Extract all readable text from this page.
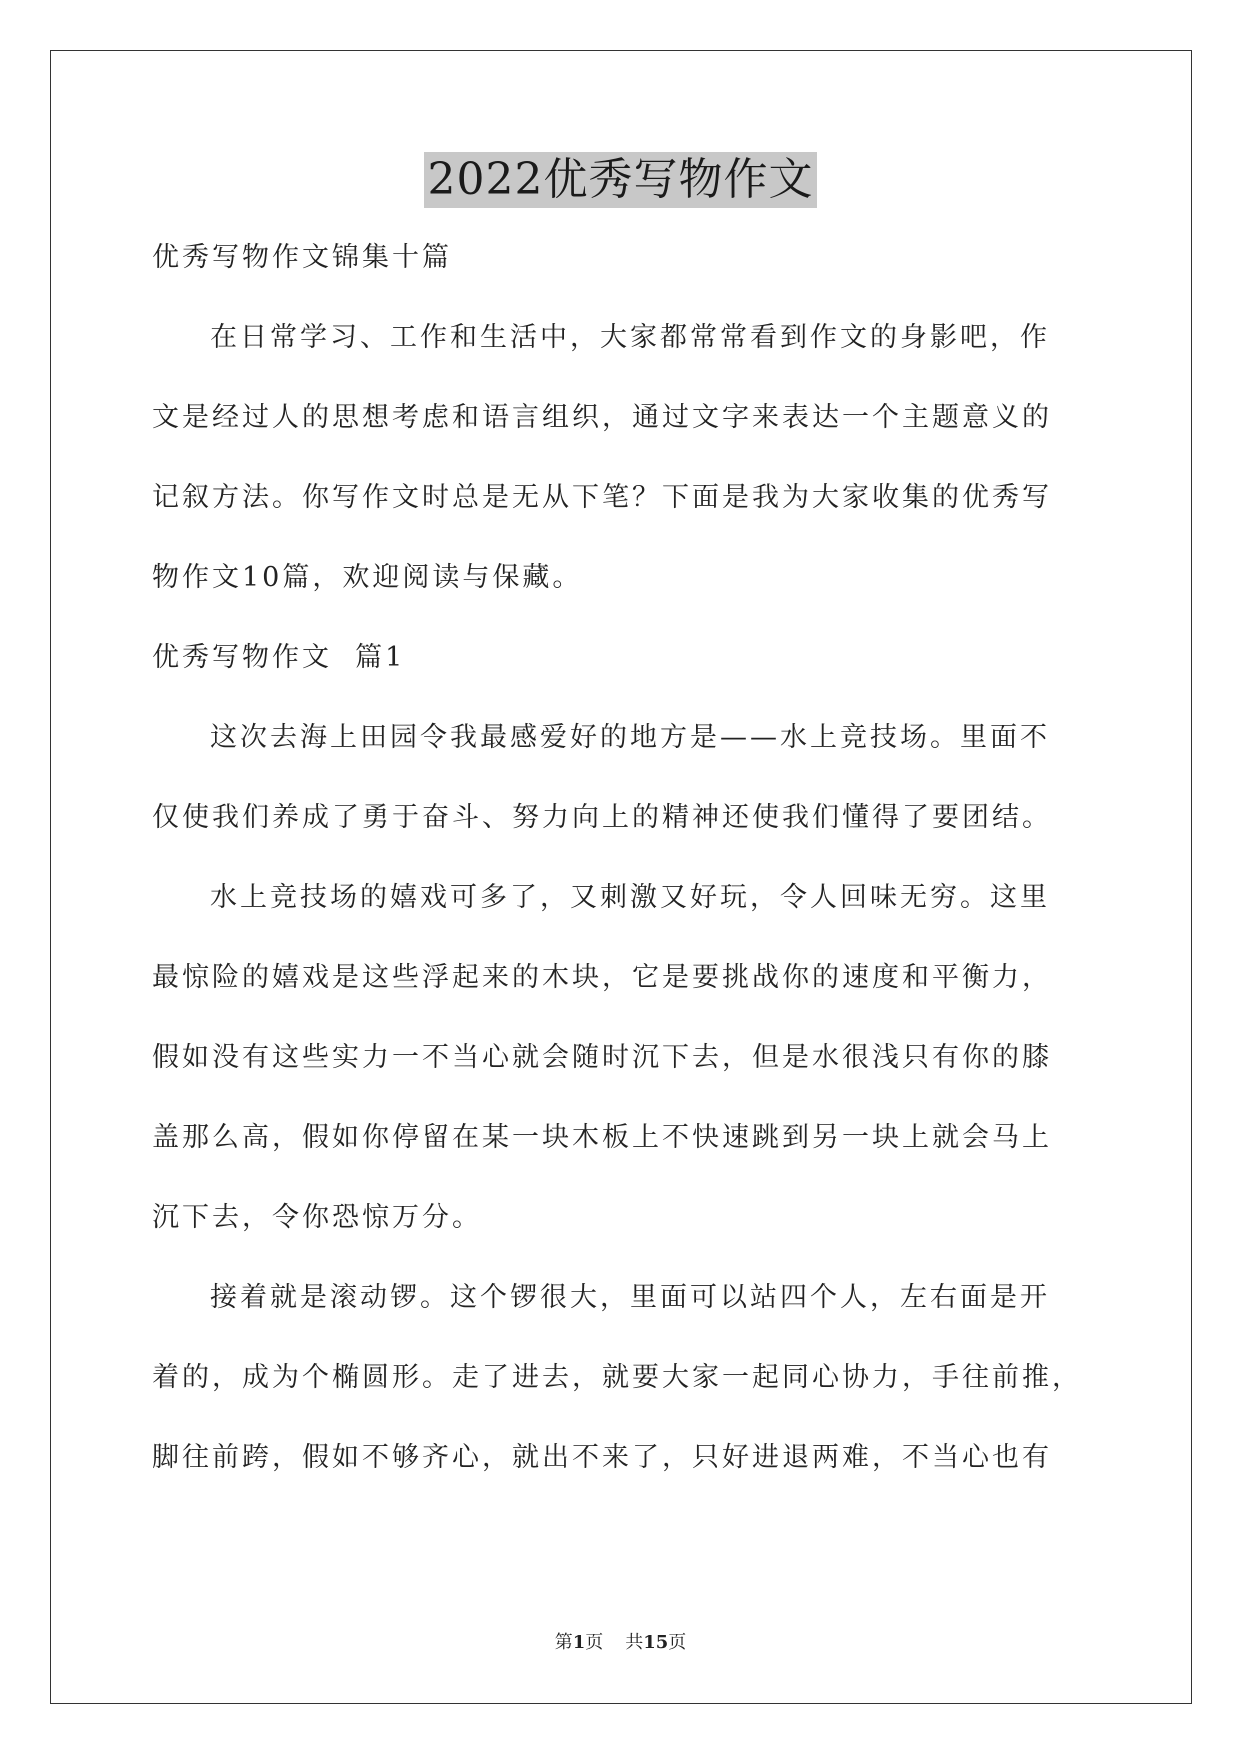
2022优秀写物作文
优秀写物作文锦集十篇
在日常学习、工作和生活中，大家都常常看到作文的身影吧，作
文是经过人的思想考虑和语言组织，通过文字来表达一个主题意义的
记叙方法。你写作文时总是无从下笔？下面是我为大家收集的优秀写
物作文10篇，欢迎阅读与保藏。
优秀写物作文  篇1
这次去海上田园令我最感爱好的地方是——水上竞技场。里面不
仅使我们养成了勇于奋斗、努力向上的精神还使我们懂得了要团结。
水上竞技场的嬉戏可多了，又刺激又好玩，令人回味无穷。这里
最惊险的嬉戏是这些浮起来的木块，它是要挑战你的速度和平衡力，
假如没有这些实力一不当心就会随时沉下去，但是水很浅只有你的膝
盖那么高，假如你停留在某一块木板上不快速跳到另一块上就会马上
沉下去，令你恐惊万分。
接着就是滚动锣。这个锣很大，里面可以站四个人，左右面是开
着的，成为个椭圆形。走了进去，就要大家一起同心协力，手往前推，
脚往前跨，假如不够齐心，就出不来了，只好进退两难，不当心也有
第1页 共15页
